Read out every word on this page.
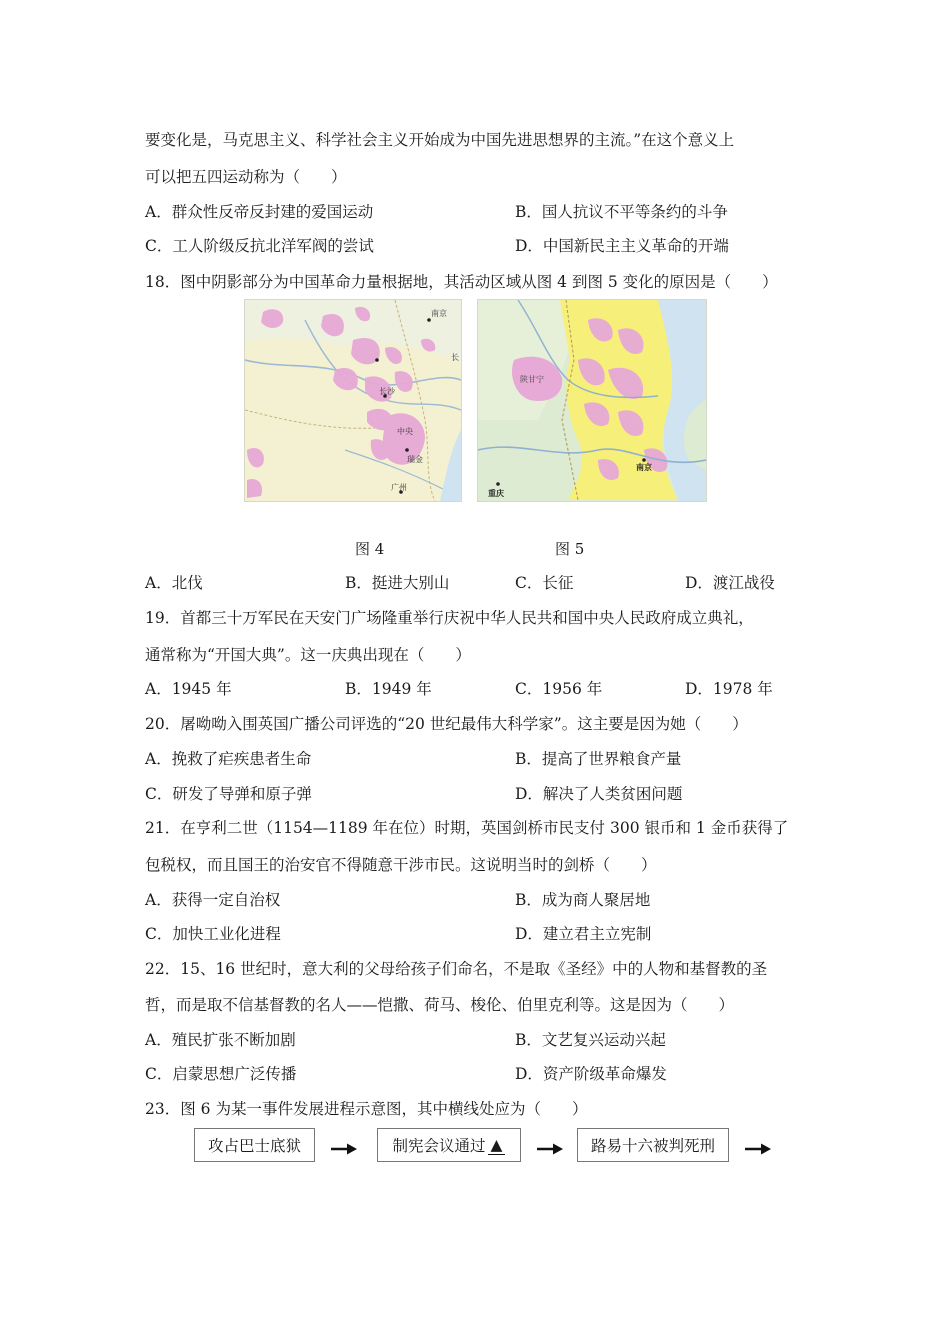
要变化是，马克思主义、科学社会主义开始成为中国先进思想界的主流。”在这个意义上
可以把五四运动称为（　　）
A．群众性反帝反封建的爱国运动	B．国人抗议不平等条约的斗争
C．工人阶级反抗北洋军阀的尝试	D．中国新民主主义革命的开端
18．图中阴影部分为中国革命力量根据地，其活动区域从图 4 到图 5 变化的原因是（　　）
南京
长沙
瑞金
中央
广州
长
重庆
南京
陕甘宁
图 4	图 5
A．北伐	B．挺进大别山	C．长征	D．渡江战役
19．首都三十万军民在天安门广场隆重举行庆祝中华人民共和国中央人民政府成立典礼，
通常称为“开国大典”。这一庆典出现在（　　）
A．1945 年	B．1949 年	C．1956 年	D．1978 年
20．屠呦呦入围英国广播公司评选的“20 世纪最伟大科学家”。这主要是因为她（　　）
A．挽救了疟疾患者生命	B．提高了世界粮食产量
C．研发了导弹和原子弹	D．解决了人类贫困问题
21．在亨利二世（1154—1189 年在位）时期，英国剑桥市民支付 300 银币和 1 金币获得了
包税权，而且国王的治安官不得随意干涉市民。这说明当时的剑桥（　　）
A．获得一定自治权	B．成为商人聚居地
C．加快工业化进程	D．建立君主立宪制
22．15、16 世纪时，意大利的父母给孩子们命名，不是取《圣经》中的人物和基督教的圣
哲，而是取不信基督教的名人——恺撒、荷马、梭伦、伯里克利等。这是因为（　　）
A．殖民扩张不断加剧	B．文艺复兴运动兴起
C．启蒙思想广泛传播	D．资产阶级革命爆发
23．图 6 为某一事件发展进程示意图，其中横线处应为（　　）
攻占巴士底狱	制宪会议通过 ▲	路易十六被判死刑
